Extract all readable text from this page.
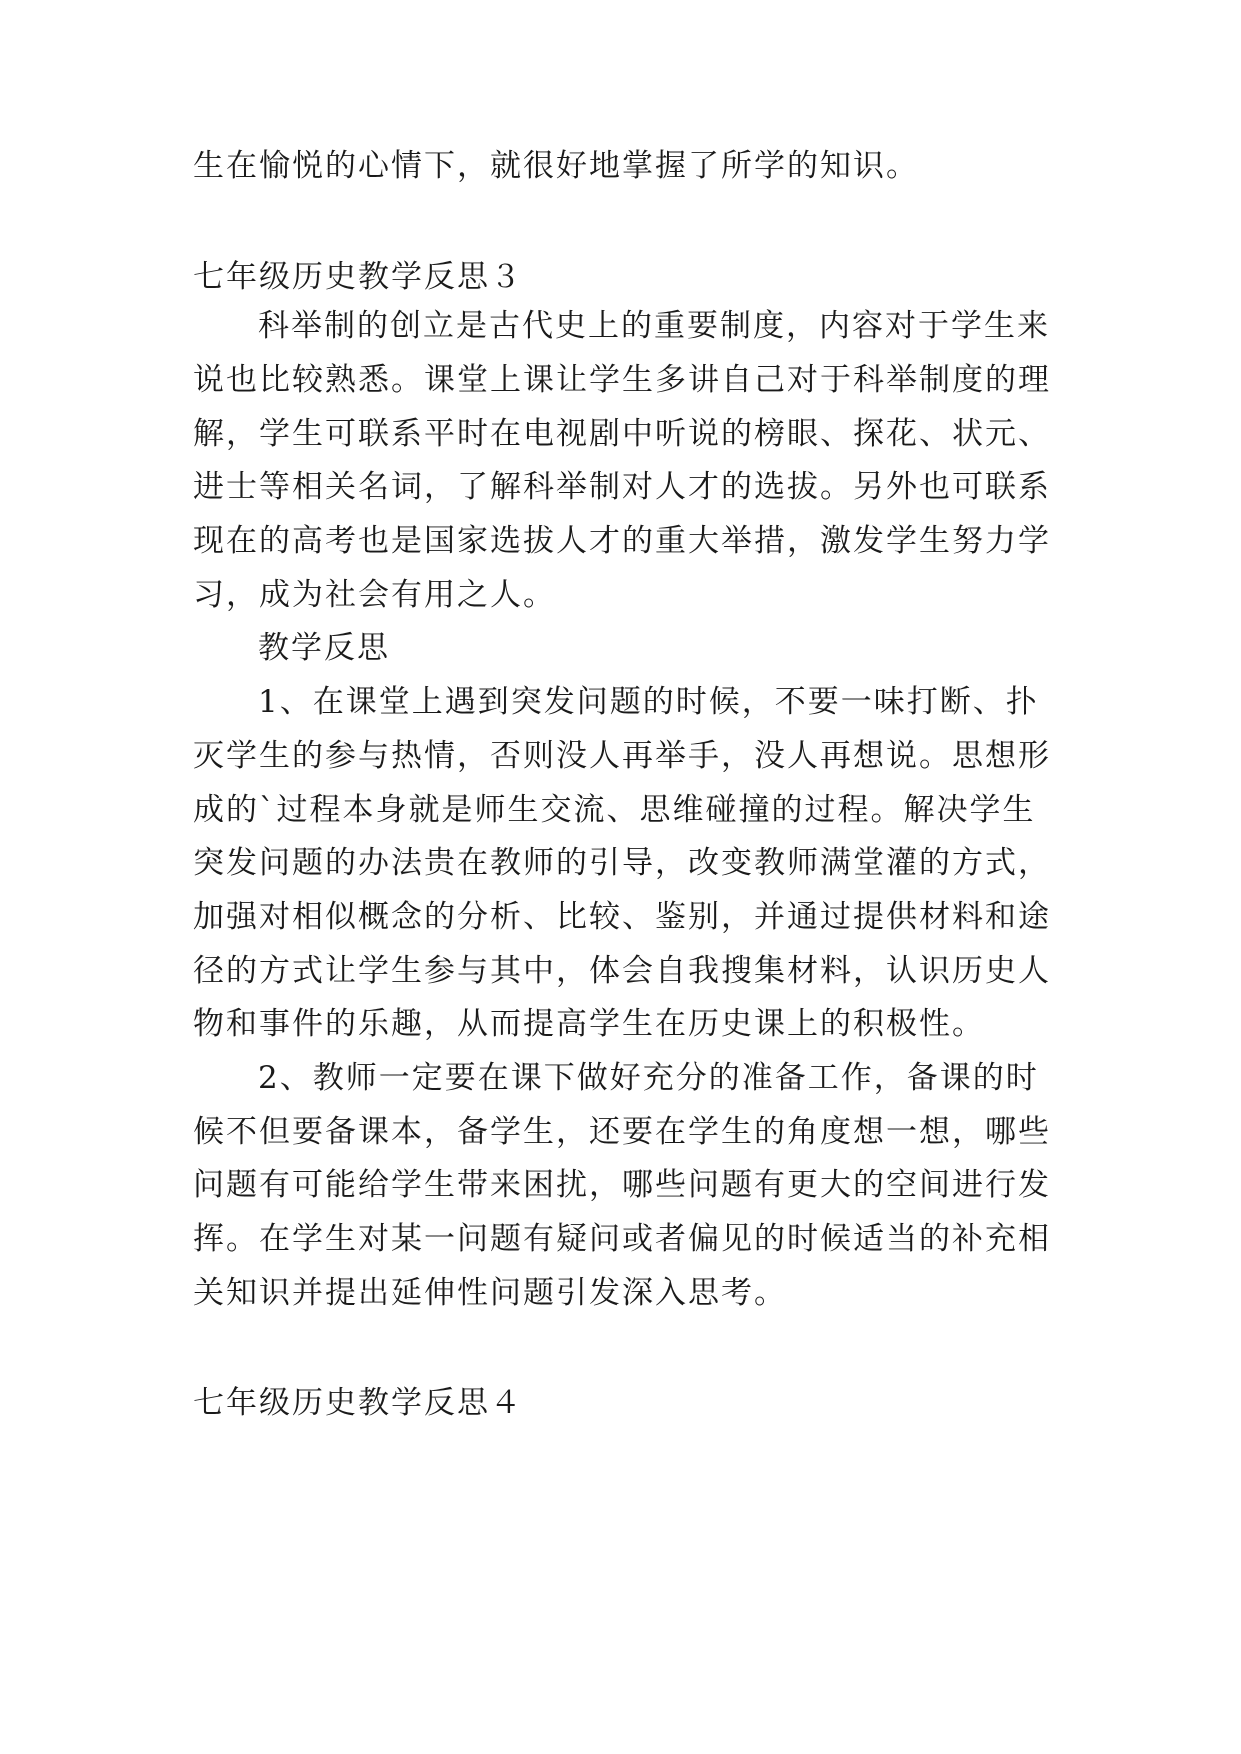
生在愉悦的心情下，就很好地掌握了所学的知识。
七年级历史教学反思３
科举制的创立是古代史上的重要制度，内容对于学生来
说也比较熟悉。课堂上课让学生多讲自己对于科举制度的理
解，学生可联系平时在电视剧中听说的榜眼、探花、状元、
进士等相关名词，了解科举制对人才的选拔。另外也可联系
现在的高考也是国家选拔人才的重大举措，激发学生努力学
习，成为社会有用之人。
教学反思
1、在课堂上遇到突发问题的时候，不要一味打断、扑
灭学生的参与热情，否则没人再举手，没人再想说。思想形
成的`过程本身就是师生交流、思维碰撞的过程。解决学生
突发问题的办法贵在教师的引导，改变教师满堂灌的方式，
加强对相似概念的分析、比较、鉴别，并通过提供材料和途
径的方式让学生参与其中，体会自我搜集材料，认识历史人
物和事件的乐趣，从而提高学生在历史课上的积极性。
2、教师一定要在课下做好充分的准备工作，备课的时
候不但要备课本，备学生，还要在学生的角度想一想，哪些
问题有可能给学生带来困扰，哪些问题有更大的空间进行发
挥。在学生对某一问题有疑问或者偏见的时候适当的补充相
关知识并提出延伸性问题引发深入思考。
七年级历史教学反思４
